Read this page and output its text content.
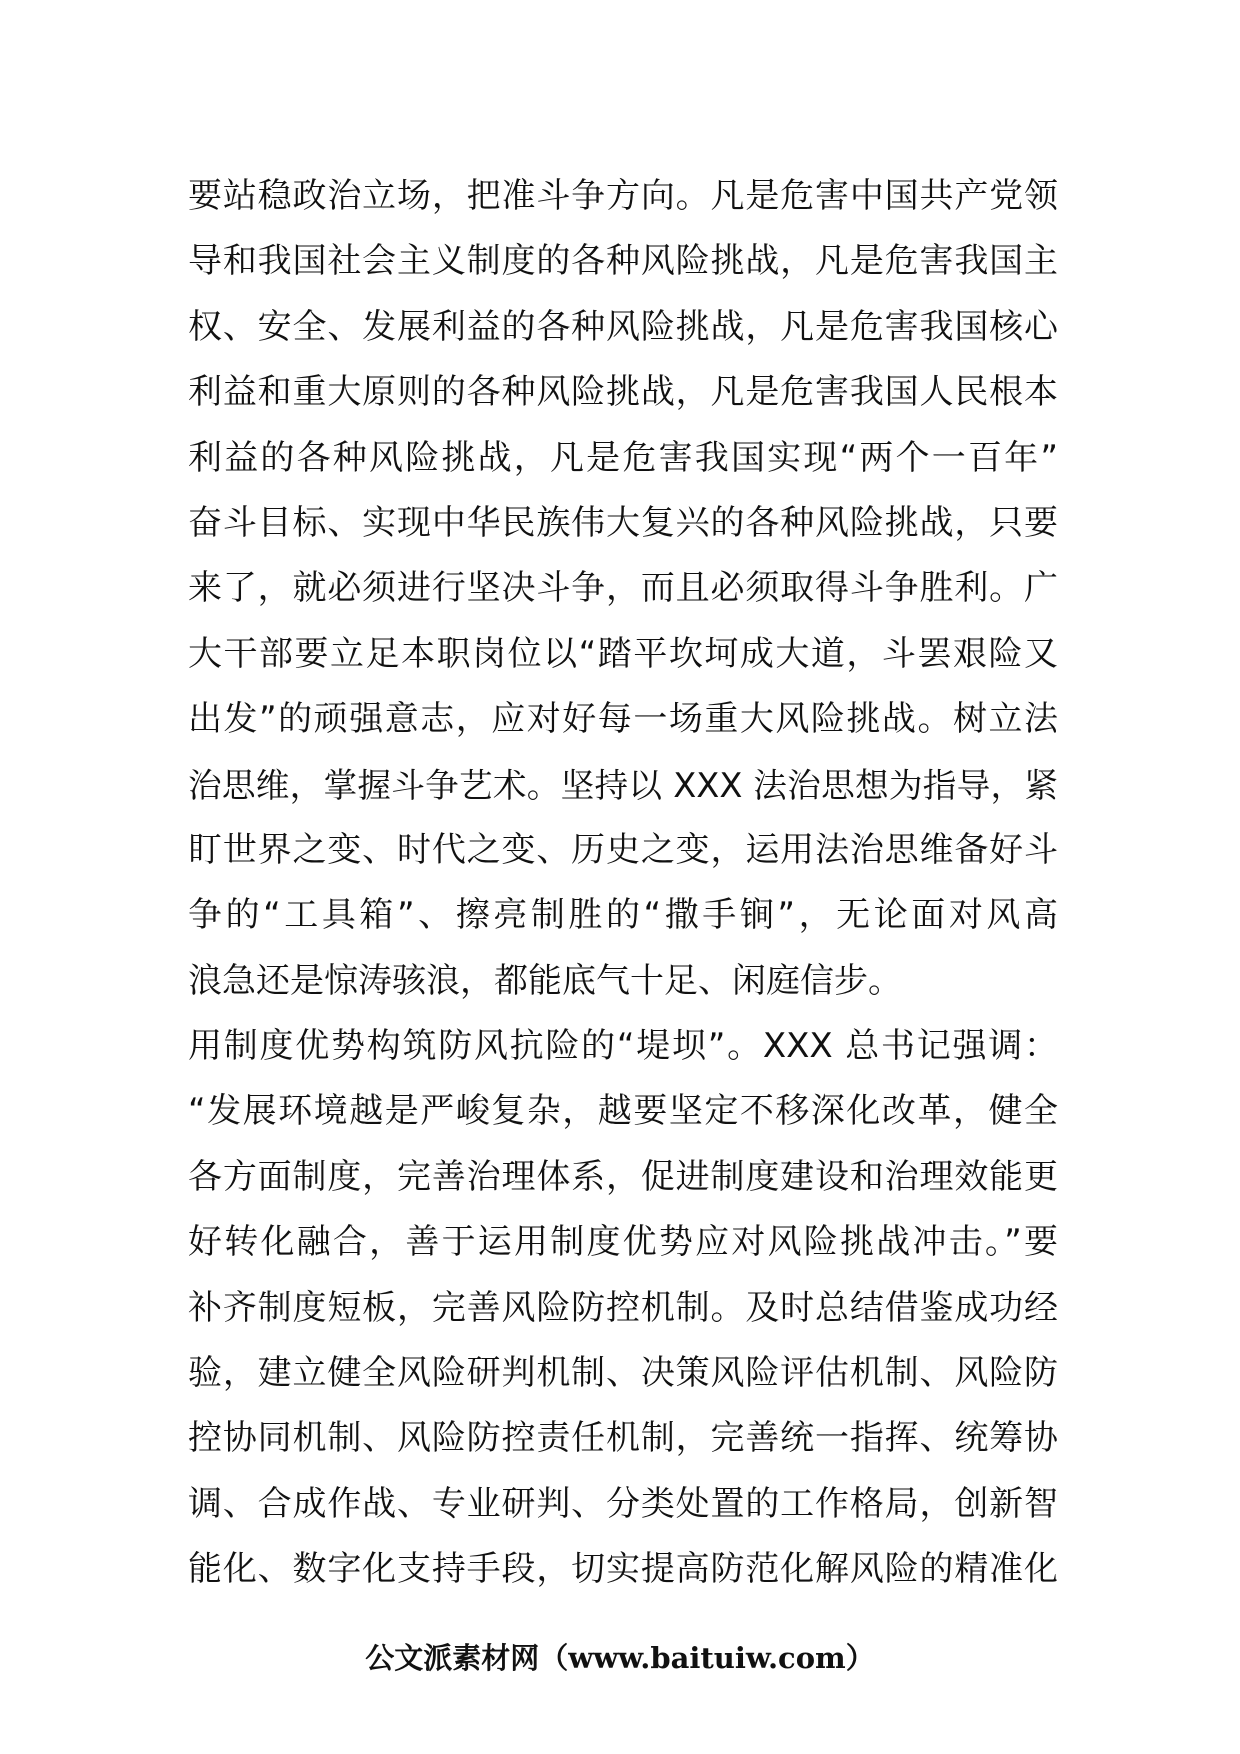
要站稳政治立场，把准斗争方向。凡是危害中国共产党领
导和我国社会主义制度的各种风险挑战，凡是危害我国主
权、安全、发展利益的各种风险挑战，凡是危害我国核心
利益和重大原则的各种风险挑战，凡是危害我国人民根本
利益的各种风险挑战，凡是危害我国实现“两个一百年”
奋斗目标、实现中华民族伟大复兴的各种风险挑战，只要
来了，就必须进行坚决斗争，而且必须取得斗争胜利。广
大干部要立足本职岗位以“踏平坎坷成大道，斗罢艰险又
出发”的顽强意志，应对好每一场重大风险挑战。树立法
治思维，掌握斗争艺术。坚持以 XXX 法治思想为指导，紧
盯世界之变、时代之变、历史之变，运用法治思维备好斗
争的“工具箱”、擦亮制胜的“撒手锏”，无论面对风高
浪急还是惊涛骇浪，都能底气十足、闲庭信步。
用制度优势构筑防风抗险的“堤坝”。XXX 总书记强调：
“发展环境越是严峻复杂，越要坚定不移深化改革，健全
各方面制度，完善治理体系，促进制度建设和治理效能更
好转化融合，善于运用制度优势应对风险挑战冲击。”要
补齐制度短板，完善风险防控机制。及时总结借鉴成功经
验，建立健全风险研判机制、决策风险评估机制、风险防
控协同机制、风险防控责任机制，完善统一指挥、统筹协
调、合成作战、专业研判、分类处置的工作格局，创新智
能化、数字化支持手段，切实提高防范化解风险的精准化
公文派素材网（www.baituiw.com）
